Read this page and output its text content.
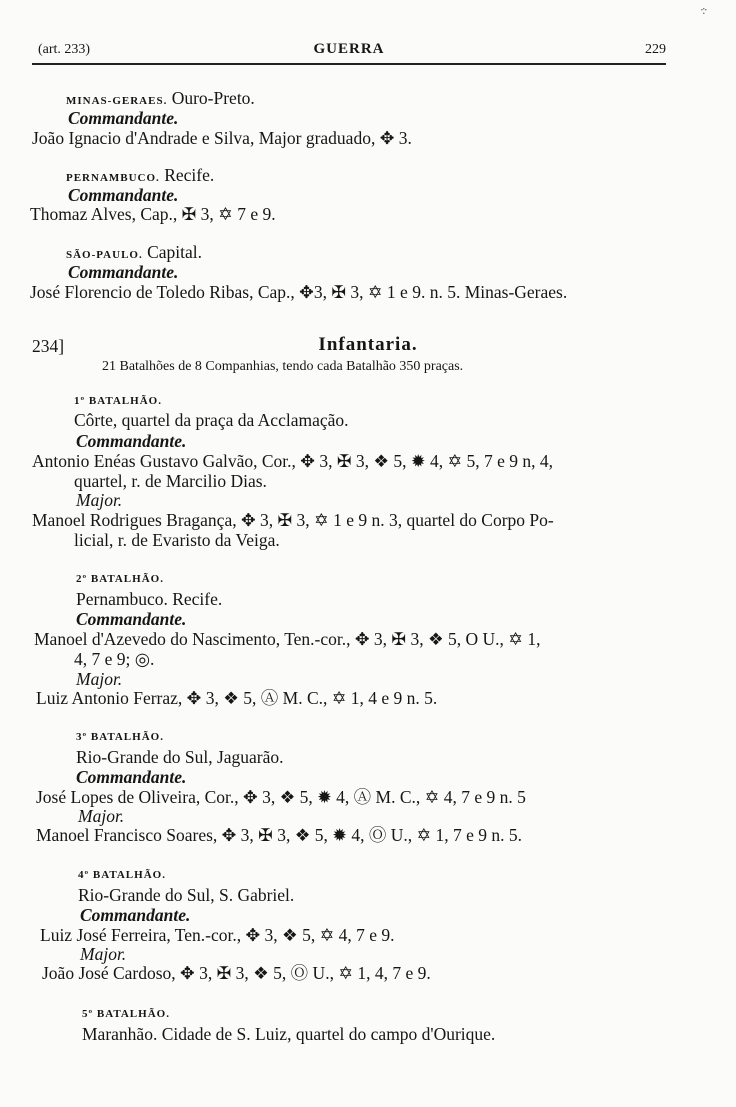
·:·
(art. 233)	GUERRA	229
MINAS-GERAES. Ouro-Preto.
Commandante.
João Ignacio d'Andrade e Silva, Major graduado, ✥ 3.
PERNAMBUCO. Recife.
Commandante.
Thomaz Alves, Cap., ✠ 3, ✡ 7 e 9.
SÃO-PAULO. Capital.
Commandante.
José Florencio de Toledo Ribas, Cap., ✥3, ✠ 3, ✡ 1 e 9. n. 5. Minas-Geraes.
234]	Infantaria.
21 Batalhões de 8 Companhias, tendo cada Batalhão 350 praças.
1º BATALHÃO.
Côrte, quartel da praça da Acclamação.
Commandante.
Antonio Enéas Gustavo Galvão, Cor., ✥ 3, ✠ 3, ❖ 5, ✹ 4, ✡ 5, 7 e 9 n, 4,
quartel, r. de Marcilio Dias.
Major.
Manoel Rodrigues Bragança, ✥ 3, ✠ 3, ✡ 1 e 9 n. 3, quartel do Corpo Po-
licial, r. de Evaristo da Veiga.
2º BATALHÃO.
Pernambuco. Recife.
Commandante.
Manoel d'Azevedo do Nascimento, Ten.-cor., ✥ 3, ✠ 3, ❖ 5, O U., ✡ 1,
4, 7 e 9; ◎.
Major.
Luiz Antonio Ferraz, ✥ 3, ❖ 5, Ⓐ M. C., ✡ 1, 4 e 9 n. 5.
3º BATALHÃO.
Rio-Grande do Sul, Jaguarão.
Commandante.
José Lopes de Oliveira, Cor., ✥ 3, ❖ 5, ✹ 4, Ⓐ M. C., ✡ 4, 7 e 9 n. 5
Major.
Manoel Francisco Soares, ✥ 3, ✠ 3, ❖ 5, ✹ 4, Ⓞ U., ✡ 1, 7 e 9 n. 5.
4º BATALHÃO.
Rio-Grande do Sul, S. Gabriel.
Commandante.
Luiz José Ferreira, Ten.-cor., ✥ 3, ❖ 5, ✡ 4, 7 e 9.
Major.
João José Cardoso, ✥ 3, ✠ 3, ❖ 5, Ⓞ U., ✡ 1, 4, 7 e 9.
5º BATALHÃO.
Maranhão. Cidade de S. Luiz, quartel do campo d'Ourique.
